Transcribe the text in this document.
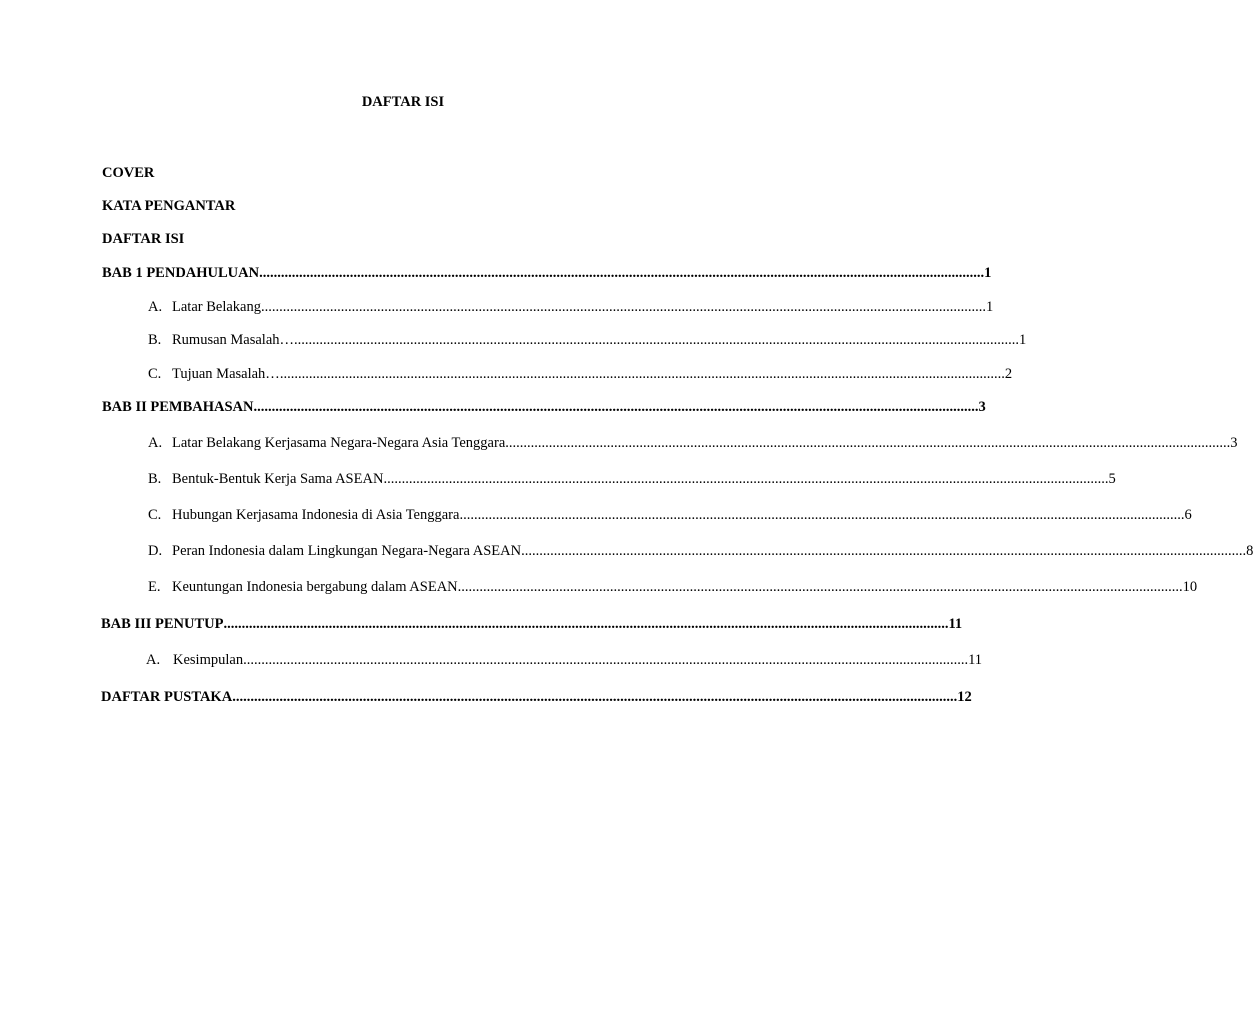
DAFTAR ISI
COVER
KATA PENGANTAR
DAFTAR ISI
BAB 1 PENDAHULUAN ........................................................................................................................................................................................................ 1
A. Latar Belakang ........................................................................................................................................................................................................ 1
B. Rumusan Masalah… ........................................................................................................................................................................................................ 1
C. Tujuan Masalah… ........................................................................................................................................................................................................ 2
BAB II PEMBAHASAN ........................................................................................................................................................................................................ 3
A. Latar Belakang Kerjasama Negara-Negara Asia Tenggara ........................................................................................................................................................................................................ 3
B. Bentuk-Bentuk Kerja Sama ASEAN ........................................................................................................................................................................................................ 5
C. Hubungan Kerjasama Indonesia di Asia Tenggara ........................................................................................................................................................................................................ 6
D. Peran Indonesia dalam Lingkungan Negara-Negara ASEAN ........................................................................................................................................................................................................ 8
E. Keuntungan Indonesia bergabung dalam ASEAN ........................................................................................................................................................................................................ 10
BAB III PENUTUP ........................................................................................................................................................................................................ 11
A. Kesimpulan ........................................................................................................................................................................................................ 11
DAFTAR PUSTAKA ........................................................................................................................................................................................................ 12
